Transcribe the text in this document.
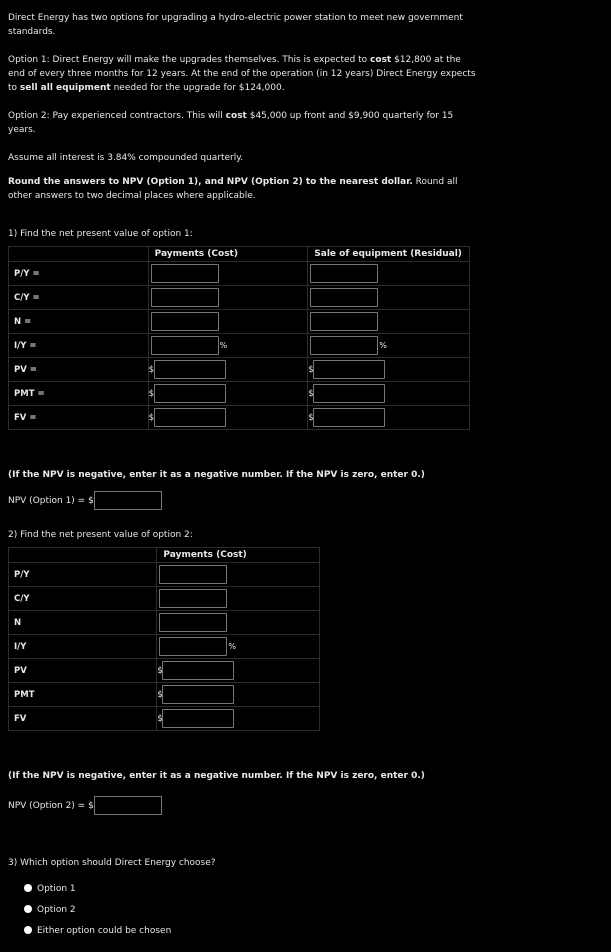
Direct Energy has two options for upgrading a hydro-electric power station to meet new government standards.

Option 1: Direct Energy will make the upgrades themselves. This is expected to cost $12,800 at the end of every three months for 12 years. At the end of the operation (in 12 years) Direct Energy expects to sell all equipment needed for the upgrade for $124,000.

Option 2: Pay experienced contractors. This will cost $45,000 up front and $9,900 quarterly for 15 years.

Assume all interest is 3.84% compounded quarterly.

Round the answers to NPV (Option 1), and NPV (Option 2) to the nearest dollar. Round all other answers to two decimal places where applicable.

1) Find the net present value of option 1:
	Payments (Cost)	Sale of equipment (Residual)
P/Y =		
C/Y =		
N =		
I/Y =	%	%
PV =	$	$
PMT =	$	$
FV =	$	$
(If the NPV is negative, enter it as a negative number. If the NPV is zero, enter 0.)
NPV (Option 1) = $
2) Find the net present value of option 2:
	Payments (Cost)
P/Y	
C/Y	
N	
I/Y	%
PV	$
PMT	$
FV	$
(If the NPV is negative, enter it as a negative number. If the NPV is zero, enter 0.)
NPV (Option 2) = $
3) Which option should Direct Energy choose?
Option 1
Option 2
Either option could be chosen
